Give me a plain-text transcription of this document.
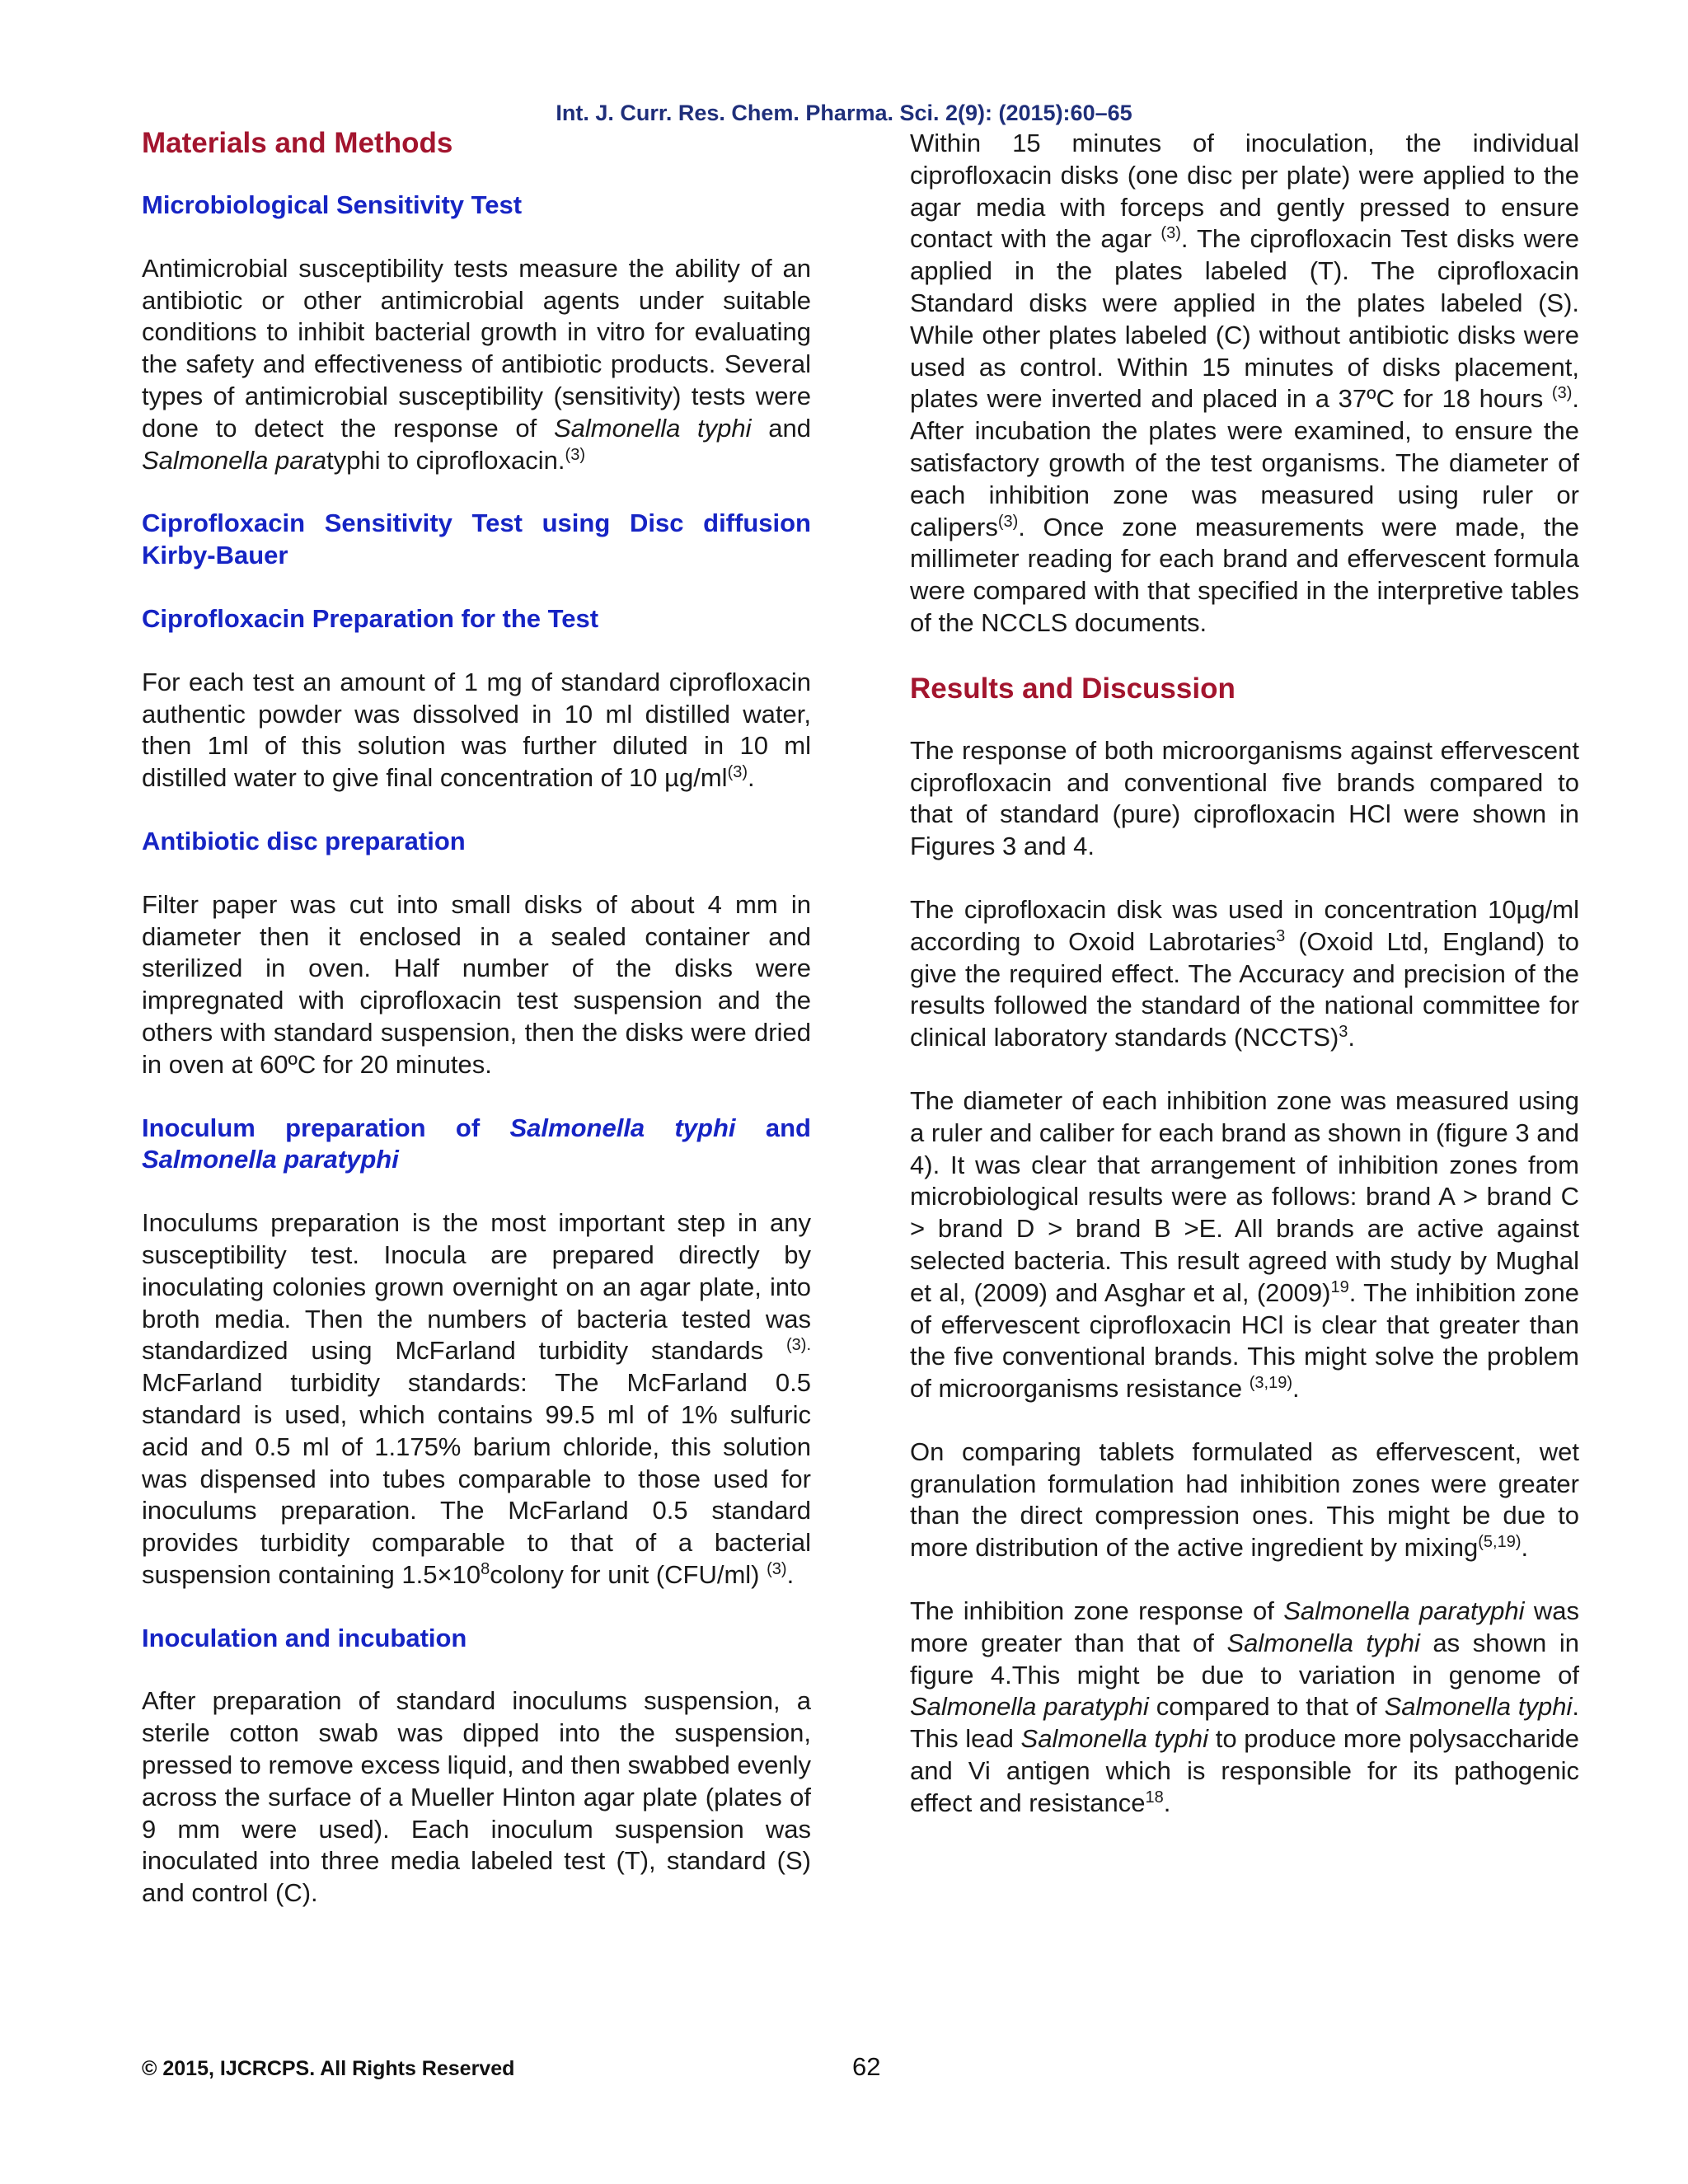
Int. J. Curr. Res. Chem. Pharma. Sci. 2(9): (2015):60–65
Materials and Methods
Microbiological Sensitivity Test

Antimicrobial susceptibility tests measure the ability of an antibiotic or other antimicrobial agents under suitable conditions to inhibit bacterial growth in vitro for evaluating the safety and effectiveness of antibiotic products. Several types of antimicrobial susceptibility (sensitivity) tests were done to detect the response of Salmonella typhi and Salmonella paratyphi to ciprofloxacin.$^{(3)}$

Ciprofloxacin Sensitivity Test using Disc diffusion Kirby-Bauer
Ciprofloxacin Preparation for the Test

For each test an amount of 1 mg of standard ciprofloxacin authentic powder was dissolved in 10 ml distilled water, then 1ml of this solution was further diluted in 10 ml distilled water to give final concentration of 10 $\mu g/ml^{(3)}$.

Antibiotic disc preparation

Filter paper was cut into small disks of about 4 mm in diameter then it enclosed in a sealed container and sterilized in oven. Half number of the disks were impregnated with ciprofloxacin test suspension and the others with standard suspension, then the disks were dried in oven at 60ºC for 20 minutes.

Inoculum preparation of Salmonella typhi and Salmonella paratyphi

Inoculums preparation is the most important step in any susceptibility test. Inocula are prepared directly by inoculating colonies grown overnight on an agar plate, into broth media. Then the numbers of bacteria tested was standardized using McFarland turbidity standards $^{(3).}$ McFarland turbidity standards: The McFarland 0.5 standard is used, which contains 99.5 ml of 1% sulfuric acid and 0.5 ml of 1.175% barium chloride, this solution was dispensed into tubes comparable to those used for inoculums preparation. The McFarland 0.5 standard provides turbidity comparable to that of a bacterial suspension containing $1.5\times 10^8colony$ for unit (CFU/ml) $^{(3)}$.

Inoculation and incubation

After preparation of standard inoculums suspension, a sterile cotton swab was dipped into the suspension, pressed to remove excess liquid, and then swabbed evenly across the surface of a Mueller Hinton agar plate (plates of 9 mm were used). Each inoculum suspension was inoculated into three media labeled test (T), standard (S) and control (C).

Within 15 minutes of inoculation, the individual ciprofloxacin disks (one disc per plate) were applied to the agar media with forceps and gently pressed to ensure contact with the agar $^{(3)}$. The ciprofloxacin Test disks were applied in the plates labeled (T). The ciprofloxacin Standard disks were applied in the plates labeled (S). While other plates labeled (C) without antibiotic disks were used as control. Within 15 minutes of disks placement, plates were inverted and placed in a 37ºC for 18 hours $^{(3)}$. After incubation the plates were examined, to ensure the satisfactory growth of the test organisms. The diameter of each inhibition zone was measured using ruler or calipers$^{(3)}$. Once zone measurements were made, the millimeter reading for each brand and effervescent formula were compared with that specified in the interpretive tables of the NCCLS documents.

Results and Discussion

The response of both microorganisms against effervescent ciprofloxacin and conventional five brands compared to that of standard (pure) ciprofloxacin HCl were shown in Figures 3 and 4.

The ciprofloxacin disk was used in concentration 10µg/ml according to Oxoid Labrotaries$^3$ (Oxoid Ltd, England) to give the required effect. The Accuracy and precision of the results followed the standard of the national committee for clinical laboratory standards (NCCTS)$^3$.

The diameter of each inhibition zone was measured using a ruler and caliber for each brand as shown in (figure 3 and 4). It was clear that arrangement of inhibition zones from microbiological results were as follows: brand A > brand C > brand D > brand B >E. All brands are active against selected bacteria. This result agreed with study by Mughal et al, (2009) and Asghar et al, $(2009)^{19}$. The inhibition zone of effervescent ciprofloxacin HCl is clear that greater than the five conventional brands. This might solve the problem of microorganisms resistance $^{(3,19)}$.

On comparing tablets formulated as effervescent, wet granulation formulation had inhibition zones were greater than the direct compression ones. This might be due to more distribution of the active ingredient by mixing$^{(5,19)}$.

The inhibition zone response of Salmonella paratyphi was more greater than that of Salmonella typhi as shown in figure 4.This might be due to variation in genome of Salmonella paratyphi compared to that of Salmonella typhi. This lead Salmonella typhi to produce more polysaccharide and Vi antigen which is responsible for its pathogenic effect and resistance$^{18}$.

© 2015, IJCRCPS. All Rights Reserved	62
